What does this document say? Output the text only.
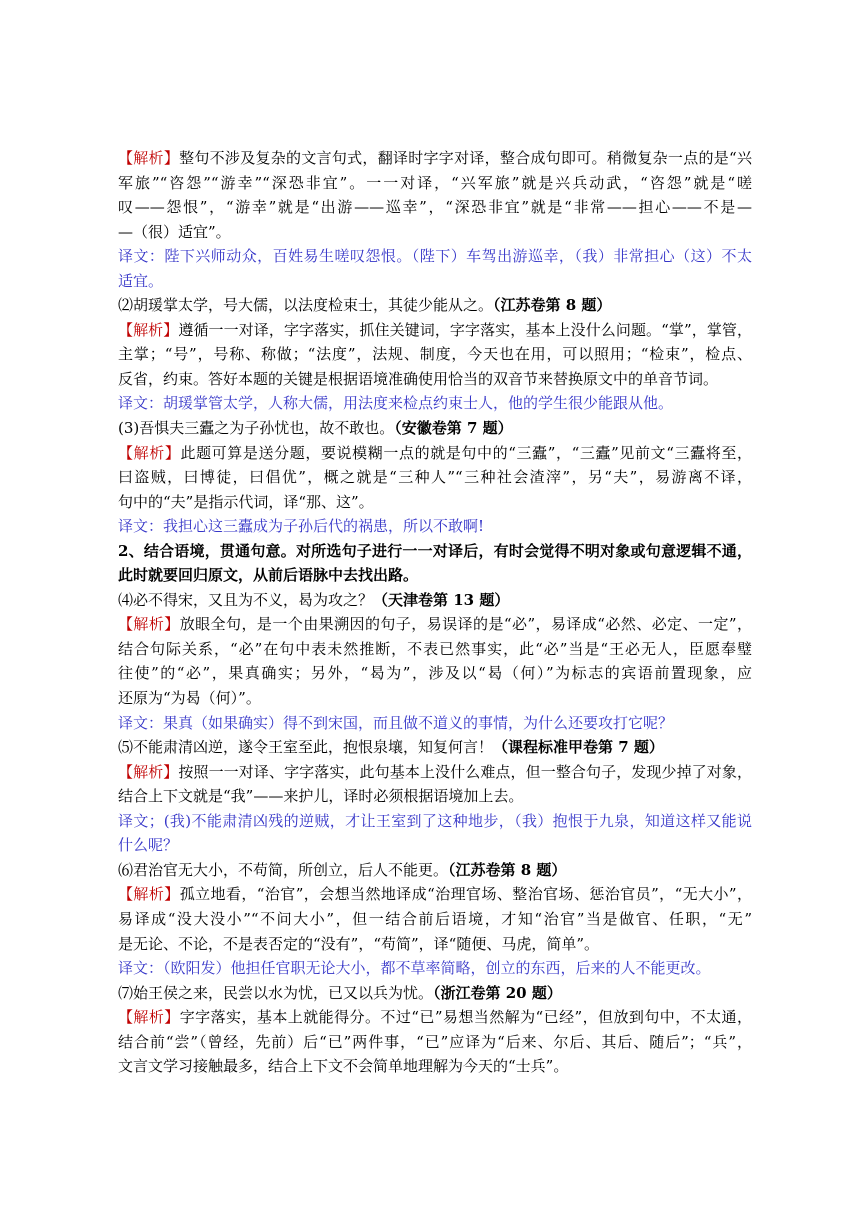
【解析】整句不涉及复杂的文言句式，翻译时字字对译，整合成句即可。稍微复杂一点的是“兴
军旅”“咨怨”“游幸”“深恐非宜”。一一对译，“兴军旅”就是兴兵动武，“咨怨”就是“嗟
叹——怨恨”，“游幸”就是“出游——巡幸”，“深恐非宜”就是“非常——担心——不是—
—（很）适宜”。
译文：陛下兴师动众，百姓易生嗟叹怨恨。（陛下）车驾出游巡幸，（我）非常担心（这）不太
适宜。
⑵胡瑗掌太学，号大儒，以法度检束士，其徒少能从之。（江苏卷第 8 题）
【解析】遵循一一对译，字字落实，抓住关键词，字字落实，基本上没什么问题。“掌”，掌管，
主掌；“号”，号称、称做；“法度”，法规、制度，今天也在用，可以照用；“检束”，检点、
反省，约束。答好本题的关键是根据语境准确使用恰当的双音节来替换原文中的单音节词。
译文：胡瑗掌管太学，人称大儒，用法度来检点约束士人，他的学生很少能跟从他。
(3)吾惧夫三蠹之为子孙忧也，故不敢也。（安徽卷第 7 题）
【解析】此题可算是送分题，要说模糊一点的就是句中的“三蠹”，“三蠹”见前文“三蠹将至，
曰盗贼，曰博徒，曰倡优”，概之就是“三种人”“三种社会渣滓”，另“夫”，易游离不译，
句中的“夫”是指示代词，译“那、这”。
译文：我担心这三蠹成为子孙后代的祸患，所以不敢啊!
2、结合语境，贯通句意。对所选句子进行一一对译后，有时会觉得不明对象或句意逻辑不通，
此时就要回归原文，从前后语脉中去找出路。
⑷必不得宋，又且为不义，曷为攻之？（天津卷第 13 题）
【解析】放眼全句，是一个由果溯因的句子，易误译的是“必”，易译成“必然、必定、一定”，
结合句际关系，“必”在句中表未然推断，不表已然事实，此“必”当是“王必无人，臣愿奉璧
往使”的“必”，果真确实；另外，“曷为”，涉及以“曷（何）”为标志的宾语前置现象，应
还原为“为曷（何）”。
译文：果真（如果确实）得不到宋国，而且做不道义的事情，为什么还要攻打它呢？
⑸不能肃清凶逆，遂令王室至此，抱恨泉壤，知复何言！（课程标准甲卷第 7 题）
【解析】按照一一对译、字字落实，此句基本上没什么难点，但一整合句子，发现少掉了对象，
结合上下文就是“我”——来护儿，译时必须根据语境加上去。
译文；(我)不能肃清凶残的逆贼，才让王室到了这种地步，（我）抱恨于九泉，知道这样又能说
什么呢？
⑹君治官无大小，不苟简，所创立，后人不能更。（江苏卷第 8 题）
【解析】孤立地看，“治官”，会想当然地译成“治理官场、整治官场、惩治官员”，“无大小”，
易译成“没大没小”“不问大小”，但一结合前后语境，才知“治官”当是做官、任职，“无”
是无论、不论，不是表否定的“没有”，“苟简”，译“随便、马虎，简单”。
译文：（欧阳发）他担任官职无论大小，都不草率简略，创立的东西，后来的人不能更改。
⑺始王侯之来，民尝以水为忧，已又以兵为忧。（浙江卷第 20 题）
【解析】字字落实，基本上就能得分。不过“已”易想当然解为“已经”，但放到句中，不太通，
结合前“尝”（曾经，先前）后“已”两件事，“已”应译为“后来、尔后、其后、随后”；“兵”，
文言文学习接触最多，结合上下文不会简单地理解为今天的“士兵”。
